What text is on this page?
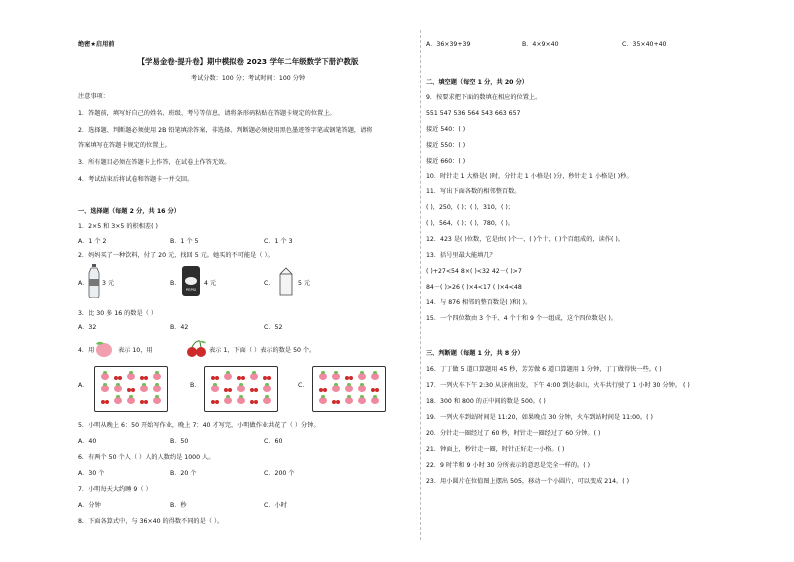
绝密★启用前
【学易金卷·提升卷】期中模拟卷 2023 学年二年级数学下册沪教版
考试分数：100 分；考试时间：100 分钟
注意事项：
1．答题前，填写好自己的姓名、班级、考号等信息，请将条形码粘贴在答题卡规定的位置上。
2．选择题、判断题必须使用 2B 铅笔填涂答案，非选择、判断题必须使用黑色墨迹签字笔或钢笔答题，请将
答案填写在答题卡规定的位置上。
3．所有题目必须在答题卡上作答，在试卷上作答无效。
4．考试结束后将试卷和答题卡一并交回。
一、选择题（每题 2 分，共 16 分）
1．2×5 和 3×5 的积相差( )
A．1 个 2	B．1 个 5	C．1 个 3
2．妈妈买了一种饮料，付了 20 元，找回 5 元。她买的不可能是（ ）。
A． 3 元	B．
PEPSI
4 元	C．	5 元
3．比 30 多 16 的数是（ ）
A．32	B．42	C．52
4．用	表示 10，用	表示 1，下面（ ）表示的数是 50 个。
A．	B．	C．
5．小明从晚上 6：50 开始写作业，晚上 7：40 才写完，小明做作业共花了（ ）分钟。
A．40	B．50	C．60
6．有两个 50 个人（ ）人的人数约是 1000 人。
A．30 个	B．20 个	C．200 个
7．小明每天大约睡 9（ ）
A．分钟	B．秒	C．小时
8．下面各算式中，与 36×40 的得数不同的是（ ）。
A．36×39+39	B．4×9×40	C．35×40+40
二、填空题（每空 1 分，共 20 分）
9．按要求把下面的数填在相应的位置上。
551 547 536 564 543 663 657
接近 540：( )
接近 550：( )
接近 660：( )
10．时针走 1 大格是( )时，分针走 1 小格是( )分，秒针走 1 小格是( )秒。
11．写出下面各数的相邻整百数。
( )，250，( )；( )，310，( )；
( )，564，( )；( )，780，( )。
12．423 是( )位数，它是由( )个一、( )个十、( )个百组成的，读作( )。
13．括号里最大能填几？
( )+27<54 8×( )<32 42－( )>7
84－( )>26 ( )×4<17 ( )×4<48
14．与 876 相邻的整百数是( )和( )。
15．一个四位数由 3 个千、4 个十和 9 个一组成，这个四位数是( )。
三、判断题（每题 1 分，共 8 分）
16．丁丁做 5 道口算题用 45 秒，芳芳做 6 道口算题用 1 分钟，丁丁做得快一些。( )
17．一列火车下午 2:30 从济南出发，下午 4:00 到达泰山，火车共行驶了 1 小时 30 分钟。 ( )
18．300 和 800 的正中间的数是 500。( )
19．一列火车到站时间是 11:20，如果晚点 30 分钟，火车到站时间是 11:00。( )
20．分针走一圈经过了 60 秒，时针走一圈经过了 60 分钟。( )
21．钟面上，秒针走一圈，时针正好走一小格。( )
22．9 时半和 9 小时 30 分所表示的意思是完全一样的。( )
23．用小圆片在位值图上摆出 505，移动一个小圆片，可以变成 214。( )
